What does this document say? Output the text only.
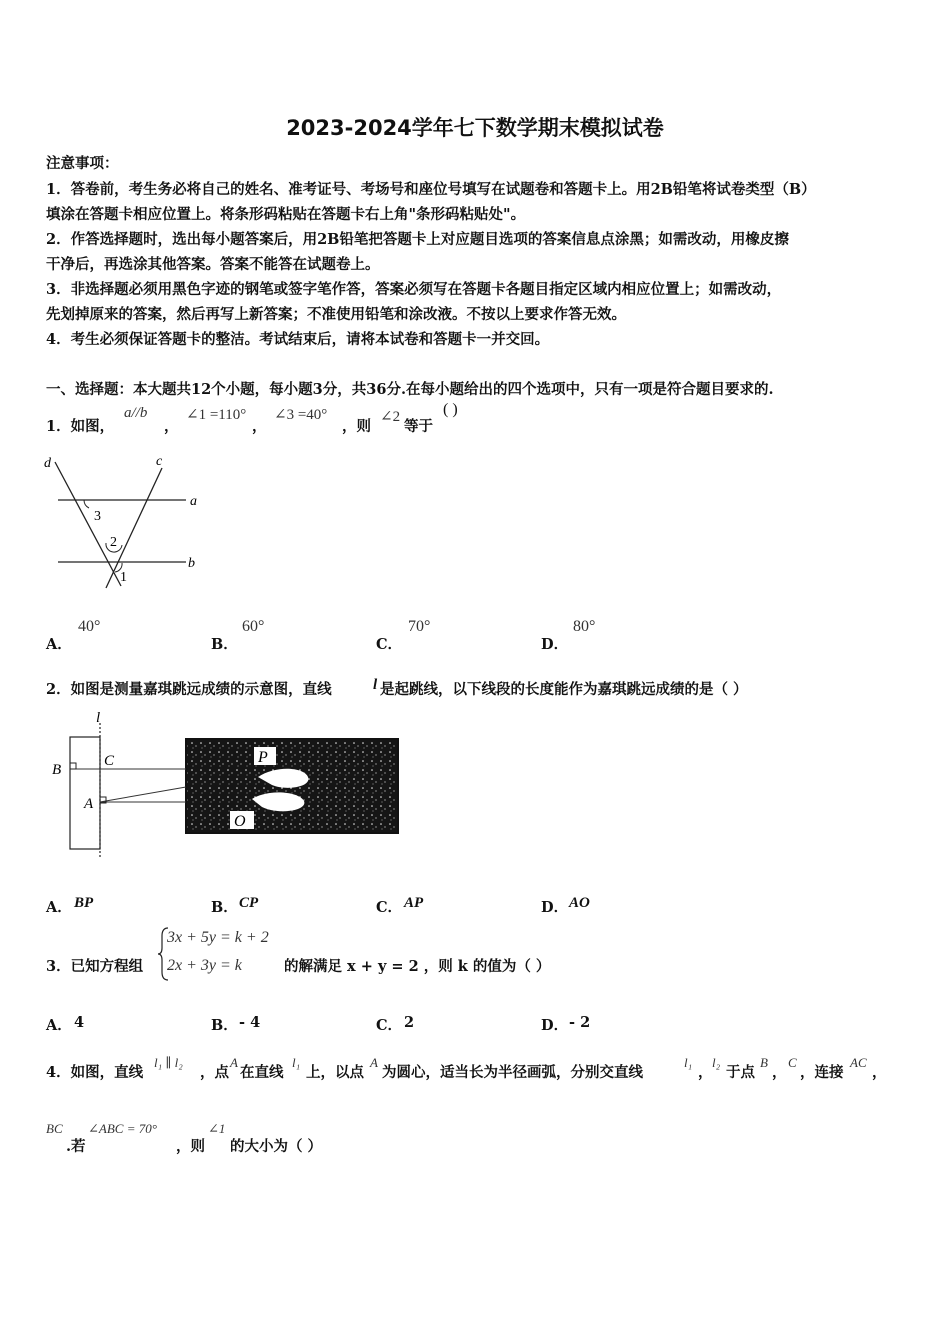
2023-2024学年七下数学期末模拟试卷
注意事项：
1．答卷前，考生务必将自己的姓名、准考证号、考场号和座位号填写在试题卷和答题卡上。用2B铅笔将试卷类型（B）
填涂在答题卡相应位置上。将条形码粘贴在答题卡右上角"条形码粘贴处"。
2．作答选择题时，选出每小题答案后，用2B铅笔把答题卡上对应题目选项的答案信息点涂黑；如需改动，用橡皮擦
干净后，再选涂其他答案。答案不能答在试题卷上。
3．非选择题必须用黑色字迹的钢笔或签字笔作答，答案必须写在答题卡各题目指定区域内相应位置上；如需改动，
先划掉原来的答案，然后再写上新答案；不准使用铅笔和涂改液。不按以上要求作答无效。
4．考生必须保证答题卡的整洁。考试结束后，请将本试卷和答题卡一并交回。
一、选择题：本大题共12个小题，每小题3分，共36分.在每小题给出的四个选项中，只有一项是符合题目要求的.
1．如图，
a//b
，
∠1 =110°
，
∠3 =40°
，则
∠2
等于
( )
d	c
a
b
3
2
1
A．
40°
B．
60°
C．
70°
D．
80°
2．如图是测量嘉琪跳远成绩的示意图，直线	l 是起跳线，以下线段的长度能作为嘉琪跳远成绩的是（ ）
l
B
C
A
P
O
A． BP	B． CP	C． AP	D． AO
3．已知方程组
3x + 5y = k + 2
2x + 3y = k	的解满足 x + y = 2 ，则 k 的值为（ ）
A． 4	B． - 4	C． 2	D． - 2
4．如图，直线
l₁ ∥ l₂
，点
A
在直线
l₁
上，以点
A
为圆心，适当长为半径画弧，分别交直线
l₁
，
l₂
于点
B
，
C
，连接
AC
，
BC
.若
∠ABC = 70°
，则
∠1
的大小为（ ）
